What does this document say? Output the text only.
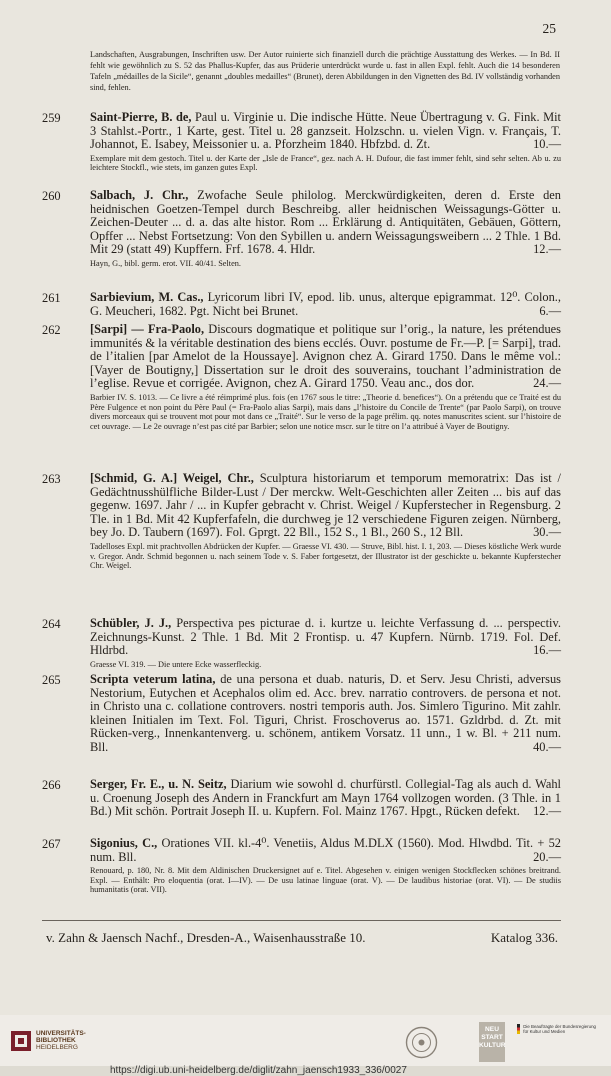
25
Landschaften, Ausgrabungen, Inschriften usw. Der Autor ruinierte sich finanziell durch die prächtige Ausstattung des Werkes. — In Bd. II fehlt wie gewöhnlich zu S. 52 das Phallus-Kupfer, das aus Prüderie unterdrückt wurde u. fast in allen Expl. fehlt. Auch die 14 besonderen Tafeln „médailles de la Sicile“, genannt „doubles medailles“ (Brunet), deren Abbildungen in den Vignetten des Bd. IV vollständig vorhanden sind, fehlen.
259 Saint-Pierre, B. de, Paul u. Virginie u. Die indische Hütte. Neue Übertragung v. G. Fink. Mit 3 Stahlst.-Portr., 1 Karte, gest. Titel u. 28 ganzseit. Holzschn. u. vielen Vign. v. Français, T. Johannot, E. Isabey, Meissonier u. a. Pforzheim 1840. Hbfzbd. d. Zt.	10.—
Exemplare mit dem gestoch. Titel u. der Karte der „Isle de France“, gez. nach A. H. Dufour, die fast immer fehlt, sind sehr selten. Ab u. zu leichtere Stockfl., wie stets, im ganzen gutes Expl.
260 Salbach, J. Chr., Zwofache Seule philolog. Merckwürdigkeiten, deren d. Erste den heidnischen Goetzen-Tempel durch Beschreibg. aller heidnischen Weissagungs-Götter u. Zeichen-Deuter ... d. a. das alte histor. Rom ... Erklärung d. Antiquitäten, Gebäuen, Göttern, Opffer ... Nebst Fortsetzung: Von den Sybillen u. andern Weissagungsweibern ... 2 Thle. 1 Bd. Mit 29 (statt 49) Kupffern. Frf. 1678. 4. Hldr.	12.—
Hayn, G., bibl. germ. erot. VII. 40/41. Selten.
261 Sarbievium, M. Cas., Lyricorum libri IV, epod. lib. unus, alterque epigrammat. 12⁰. Colon., G. Meucheri, 1682. Pgt. Nicht bei Brunet.	6.—
262 [Sarpi] — Fra-Paolo, Discours dogmatique et politique sur l’orig., la nature, les prétendues immunités & la véritable destination des biens ecclés. Ouvr. postume de Fr.—P. [= Sarpi], trad. de l’italien [par Amelot de la Houssaye]. Avignon chez A. Girard 1750. Dans le même vol.: [Vayer de Boutigny,] Dissertation sur le droit des souverains, touchant l’administration de l’eglise. Revue et corrigée. Avignon, chez A. Girard 1750. Veau anc., dos dor.	24.—
Barbier IV. S. 1013. — Ce livre a été réimprimé plus. fois (en 1767 sous le titre: „Theorie d. benefices“). On a prétendu que ce Traité est du Père Fulgence et non point du Père Paul (= Fra-Paolo alias Sarpi), mais dans „l’histoire du Concile de Trente“ (par Paolo Sarpi), on trouve divers morceaux qui se trouvent mot pour mot dans ce „Traité“. Sur le verso de la page prélim. qq. notes manuscrites scient. sur l’histoire de cet ouvrage. — Le 2e ouvrage n’est pas cité par Barbier; selon une notice mscr. sur le titre on l’a attribué à Vayer de Boutigny.
263 [Schmid, G. A.] Weigel, Chr., Sculptura historiarum et temporum memoratrix: Das ist / Gedächtnusshülfliche Bilder-Lust / Der merckw. Welt-Geschichten aller Zeiten ... bis auf das gegenw. 1697. Jahr / ... in Kupfer gebracht v. Christ. Weigel / Kupferstecher in Regensburg. 2 Tle. in 1 Bd. Mit 42 Kupferfafeln, die durchweg je 12 verschiedene Figuren zeigen. Nürnberg, bey Jo. D. Taubern (1697). Fol. Gprgt. 22 Bll., 152 S., 1 Bl., 260 S., 12 Bll.	30.—
Tadelloses Expl. mit prachtvollen Abdrücken der Kupfer. — Graesse VI. 430. — Struve, Bibl. hist. I. 1, 203. — Dieses köstliche Werk wurde v. Gregor. Andr. Schmid begonnen u. nach seinem Tode v. S. Faber fortgesetzt, der Illustrator ist der geschickte u. bekannte Kupferstecher Chr. Weigel.
264 Schübler, J. J., Perspectiva pes picturae d. i. kurtze u. leichte Verfassung d. ... perspectiv. Zeichnungs-Kunst. 2 Thle. 1 Bd. Mit 2 Frontisp. u. 47 Kupfern. Nürnb. 1719. Fol. Def. Hldrbd.	16.—
Graesse VI. 319. — Die untere Ecke wasserfleckig.
265 Scripta veterum latina, de una persona et duab. naturis, D. et Serv. Jesu Christi, adversus Nestorium, Eutychen et Acephalos olim ed. Acc. brev. narratio controvers. de persona et not. in Christo una c. collatione controvers. nostri temporis auth. Jos. Simlero Tigurino. Mit zahlr. kleinen Initialen im Text. Fol. Tiguri, Christ. Froschoverus ao. 1571. Gzldrbd. d. Zt. mit Rücken-verg., Innenkantenverg. u. schönem, antikem Vorsatz. 11 unn., 1 w. Bl. + 211 num. Bll.	40.—
266 Serger, Fr. E., u. N. Seitz, Diarium wie sowohl d. churfürstl. Collegial-Tag als auch d. Wahl u. Croenung Joseph des Andern in Franckfurt am Mayn 1764 vollzogen worden. (3 Thle. in 1 Bd.) Mit schön. Portrait Joseph II. u. Kupfern. Fol. Mainz 1767. Hpgt., Rücken defekt. 12.—
267 Sigonius, C., Orationes VII. kl.-4⁰. Venetiis, Aldus M.DLX (1560). Mod. Hlwdbd. Tit. + 52 num. Bll.	20.—
Renouard, p. 180, Nr. 8. Mit dem Aldinischen Druckersignet auf e. Titel. Abgesehen v. einigen wenigen Stockflecken schönes breitrand. Expl. — Enthält: Pro eloquentia (orat. I—IV). — De usu latinae linguae (orat. V). — De laudibus historiae (orat. VI). — De studiis humanitatis (orat. VII).
v. Zahn & Jaensch Nachf., Dresden-A., Waisenhausstraße 10.	Katalog 336.
UNIVERSITÄTS-
BIBLIOTHEK
HEIDELBERG
https://digi.ub.uni-heidelberg.de/diglit/zahn_jaensch1933_336/0027
NEU
START
KULTUR
Die Beauftragte der Bundesregierung
für Kultur und Medien
